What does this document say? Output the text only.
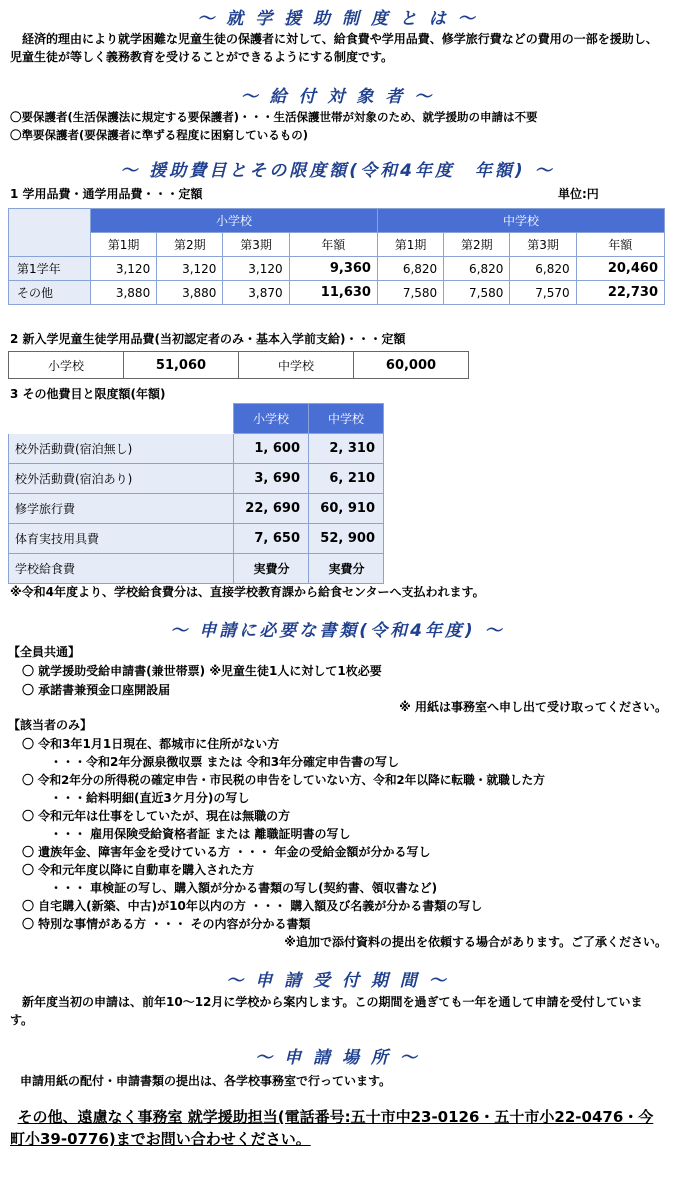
～ 就 学 援 助 制 度 と は ～
経済的理由により就学困難な児童生徒の保護者に対して、給食費や学用品費、修学旅行費などの費用の一部を援助し、児童生徒が等しく義務教育を受けることができるようにする制度です。
～ 給 付 対 象 者 ～
〇要保護者(生活保護法に規定する要保護者)・・・生活保護世帯が対象のため、就学援助の申請は不要
〇準要保護者(要保護者に準ずる程度に困窮しているもの)
～ 援助費目とその限度額(令和4年度　年額) ～
1 学用品費・通学用品費・・・定額	単位:円
	小学校				中学校			
	第1期	第2期	第3期	年額	第1期	第2期	第3期	年額
第1学年	3,120	3,120	3,120	9,360	6,820	6,820	6,820	20,460
その他	3,880	3,880	3,870	11,630	7,580	7,580	7,570	22,730
2 新入学児童生徒学用品費(当初認定者のみ・基本入学前支給)・・・定額
小学校	51,060	中学校	60,000
3 その他費目と限度額(年額)
	小学校	中学校
校外活動費(宿泊無し)	1, 600	2, 310
校外活動費(宿泊あり)	3, 690	6, 210
修学旅行費	22, 690	60, 910
体育実技用具費	7, 650	52, 900
学校給食費	実費分	実費分
※令和4年度より、学校給食費分は、直接学校教育課から給食センターへ支払われます。
～ 申請に必要な書類(令和4年度) ～
【全員共通】
〇 就学援助受給申請書(兼世帯票) ※児童生徒1人に対して1枚必要
〇 承諾書兼預金口座開設届
※ 用紙は事務室へ申し出て受け取ってください。
【該当者のみ】
〇 令和3年1月1日現在、都城市に住所がない方
・・・令和2年分源泉徴収票 または 令和3年分確定申告書の写し
〇 令和2年分の所得税の確定申告・市民税の申告をしていない方、令和2年以降に転職・就職した方
・・・給料明細(直近3ケ月分)の写し
〇 令和元年は仕事をしていたが、現在は無職の方
・・・ 雇用保険受給資格者証 または 離職証明書の写し
〇 遺族年金、障害年金を受けている方 ・・・ 年金の受給金額が分かる写し
〇 令和元年度以降に自動車を購入された方
・・・ 車検証の写し、購入額が分かる書類の写し(契約書、領収書など)
〇 自宅購入(新築、中古)が10年以内の方 ・・・ 購入額及び名義が分かる書類の写し
〇 特別な事情がある方 ・・・ その内容が分かる書類
※追加で添付資料の提出を依頼する場合があります。ご了承ください。
～ 申 請 受 付 期 間 ～
新年度当初の申請は、前年10～12月に学校から案内します。この期間を過ぎても一年を通して申請を受付しています。
～ 申 請 場 所 ～
申請用紙の配付・申請書類の提出は、各学校事務室で行っています。
その他、遠慮なく事務室 就学援助担当(電話番号:五十市中23-0126・五十市小22-0476・今町小39-0776)までお問い合わせください。
